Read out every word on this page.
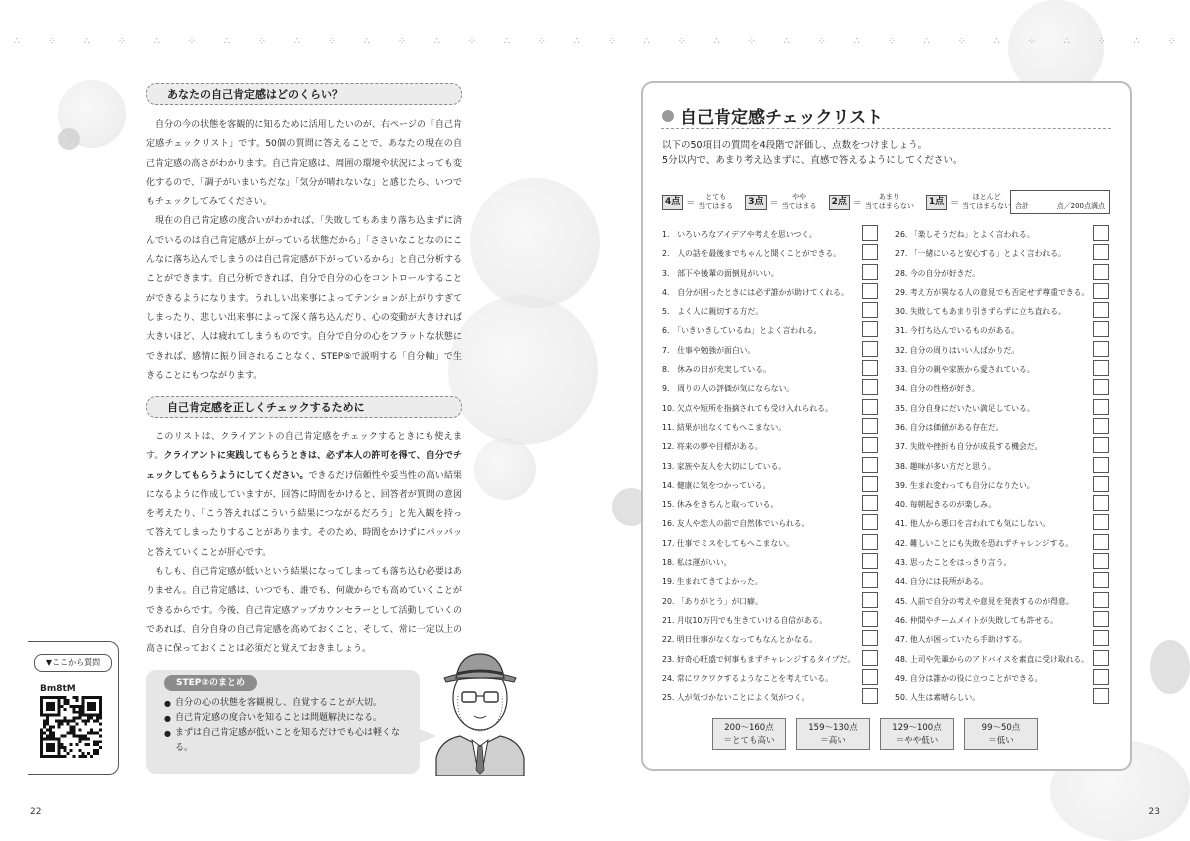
∴	⁘	∴	⁘	∴	⁘	∴	⁘	∴	⁘	∴	⁘	∴	⁘	∴	⁘	∴	⁘	∴	⁘	∴	⁘	∴	⁘	∴	⁘	∴	⁘	∴	⁘	∴	⁘	∴	⁘
あなたの自己肯定感はどのくらい？

自分の今の状態を客観的に知るために活用したいのが、右ページの「自己肯定感チェックリスト」です。50個の質問に答えることで、あなたの現在の自己肯定感の高さがわかります。自己肯定感は、周囲の環境や状況によっても変化するので、「調子がいまいちだな」「気分が晴れないな」と感じたら、いつでもチェックしてみてください。

現在の自己肯定感の度合いがわかれば、「失敗してもあまり落ち込まずに済んでいるのは自己肯定感が上がっている状態だから」「ささいなことなのにこんなに落ち込んでしまうのは自己肯定感が下がっているから」と自己分析することができます。自己分析できれば、自分で自分の心をコントロールすることができるようになります。うれしい出来事によってテンションが上がりすぎてしまったり、悲しい出来事によって深く落ち込んだり、心の変動が大きければ大きいほど、人は疲れてしまうものです。自分で自分の心をフラットな状態にできれば、感情に振り回されることなく、STEP⑤で説明する「自分軸」で生きることにもつながります。

自己肯定感を正しくチェックするために

このリストは、クライアントの自己肯定感をチェックするときにも使えます。クライアントに実践してもらうときは、必ず本人の許可を得て、自分でチェックしてもらうようにしてください。できるだけ信頼性や妥当性の高い結果になるように作成していますが、回答に時間をかけると、回答者が質問の意図を考えたり、「こう答えればこういう結果につながるだろう」と先入観を持って答えてしまったりすることがあります。そのため、時間をかけずにパッパッと答えていくことが肝心です。

もしも、自己肯定感が低いという結果になってしまっても落ち込む必要はありません。自己肯定感は、いつでも、誰でも、何歳からでも高めていくことができるからです。今後、自己肯定感アップカウンセラーとして活動していくのであれば、自分自身の自己肯定感を高めておくこと、そして、常に一定以上の高さに保っておくことは必須だと覚えておきましょう。

▼ここから質問
Bm8tM
● 自分の心の状態を客観視し、自覚することが大切。
● 自己肯定感の度合いを知ることは問題解決になる。
● まずは自己肯定感が低いことを知るだけでも心は軽くなる。
STEP②のまとめ
22
自己肯定感チェックリスト
以下の50項目の質問を4段階で評価し、点数をつけましょう。
5分以内で、あまり考え込まずに、直感で答えるようにしてください。
4点 ＝
とても
当てはまる	3点 ＝
やや
当てはまる	2点 ＝
あまり
当てはまらない	1点 ＝
ほとんど
当てはまらない 合計	点／200点満点
1.　いろいろなアイデアや考えを思いつく。
2.　人の話を最後までちゃんと聞くことができる。
3.　部下や後輩の面倒見がいい。
4.　自分が困ったときには必ず誰かが助けてくれる。
5.　よく人に親切する方だ。
6.　「いきいきしているね」とよく言われる。
7.　仕事や勉強が面白い。
8.　休みの日が充実している。
9.　周りの人の評価が気にならない。
10. 欠点や短所を指摘されても受け入れられる。
11. 結果が出なくてもへこまない。
12. 将来の夢や目標がある。
13. 家族や友人を大切にしている。
14. 健康に気をつかっている。
15. 休みをきちんと取っている。
16. 友人や恋人の前で自然体でいられる。
17. 仕事でミスをしてもへこまない。
18. 私は運がいい。
19. 生まれてきてよかった。
20. 「ありがとう」が口癖。
21. 月収10万円でも生きていける自信がある。
22. 明日仕事がなくなってもなんとかなる。
23. 好奇心旺盛で何事もまずチャレンジするタイプだ。
24. 常にワクワクするようなことを考えている。
25. 人が気づかないことによく気がつく。
26. 「楽しそうだね」とよく言われる。
27. 「一緒にいると安心する」とよく言われる。
28. 今の自分が好きだ。
29. 考え方が異なる人の意見でも否定せず尊重できる。
30. 失敗してもあまり引きずらずに立ち直れる。
31. 今打ち込んでいるものがある。
32. 自分の周りはいい人ばかりだ。
33. 自分の親や家族から愛されている。
34. 自分の性格が好き。
35. 自分自身にだいたい満足している。
36. 自分は価値がある存在だ。
37. 失敗や挫折も自分が成長する機会だ。
38. 趣味が多い方だと思う。
39. 生まれ変わっても自分になりたい。
40. 毎朝起きるのが楽しみ。
41. 他人から悪口を言われても気にしない。
42. 難しいことにも失敗を恐れずチャレンジする。
43. 思ったことをはっきり言う。
44. 自分には長所がある。
45. 人前で自分の考えや意見を発表するのが得意。
46. 仲間やチームメイトが失敗しても許せる。
47. 他人が困っていたら手助けする。
48. 上司や先輩からのアドバイスを素直に受け取れる。
49. 自分は誰かの役に立つことができる。
50. 人生は素晴らしい。
200～160点
＝とても高い
159～130点
＝高い
129～100点
＝やや低い
99～50点
＝低い
23
